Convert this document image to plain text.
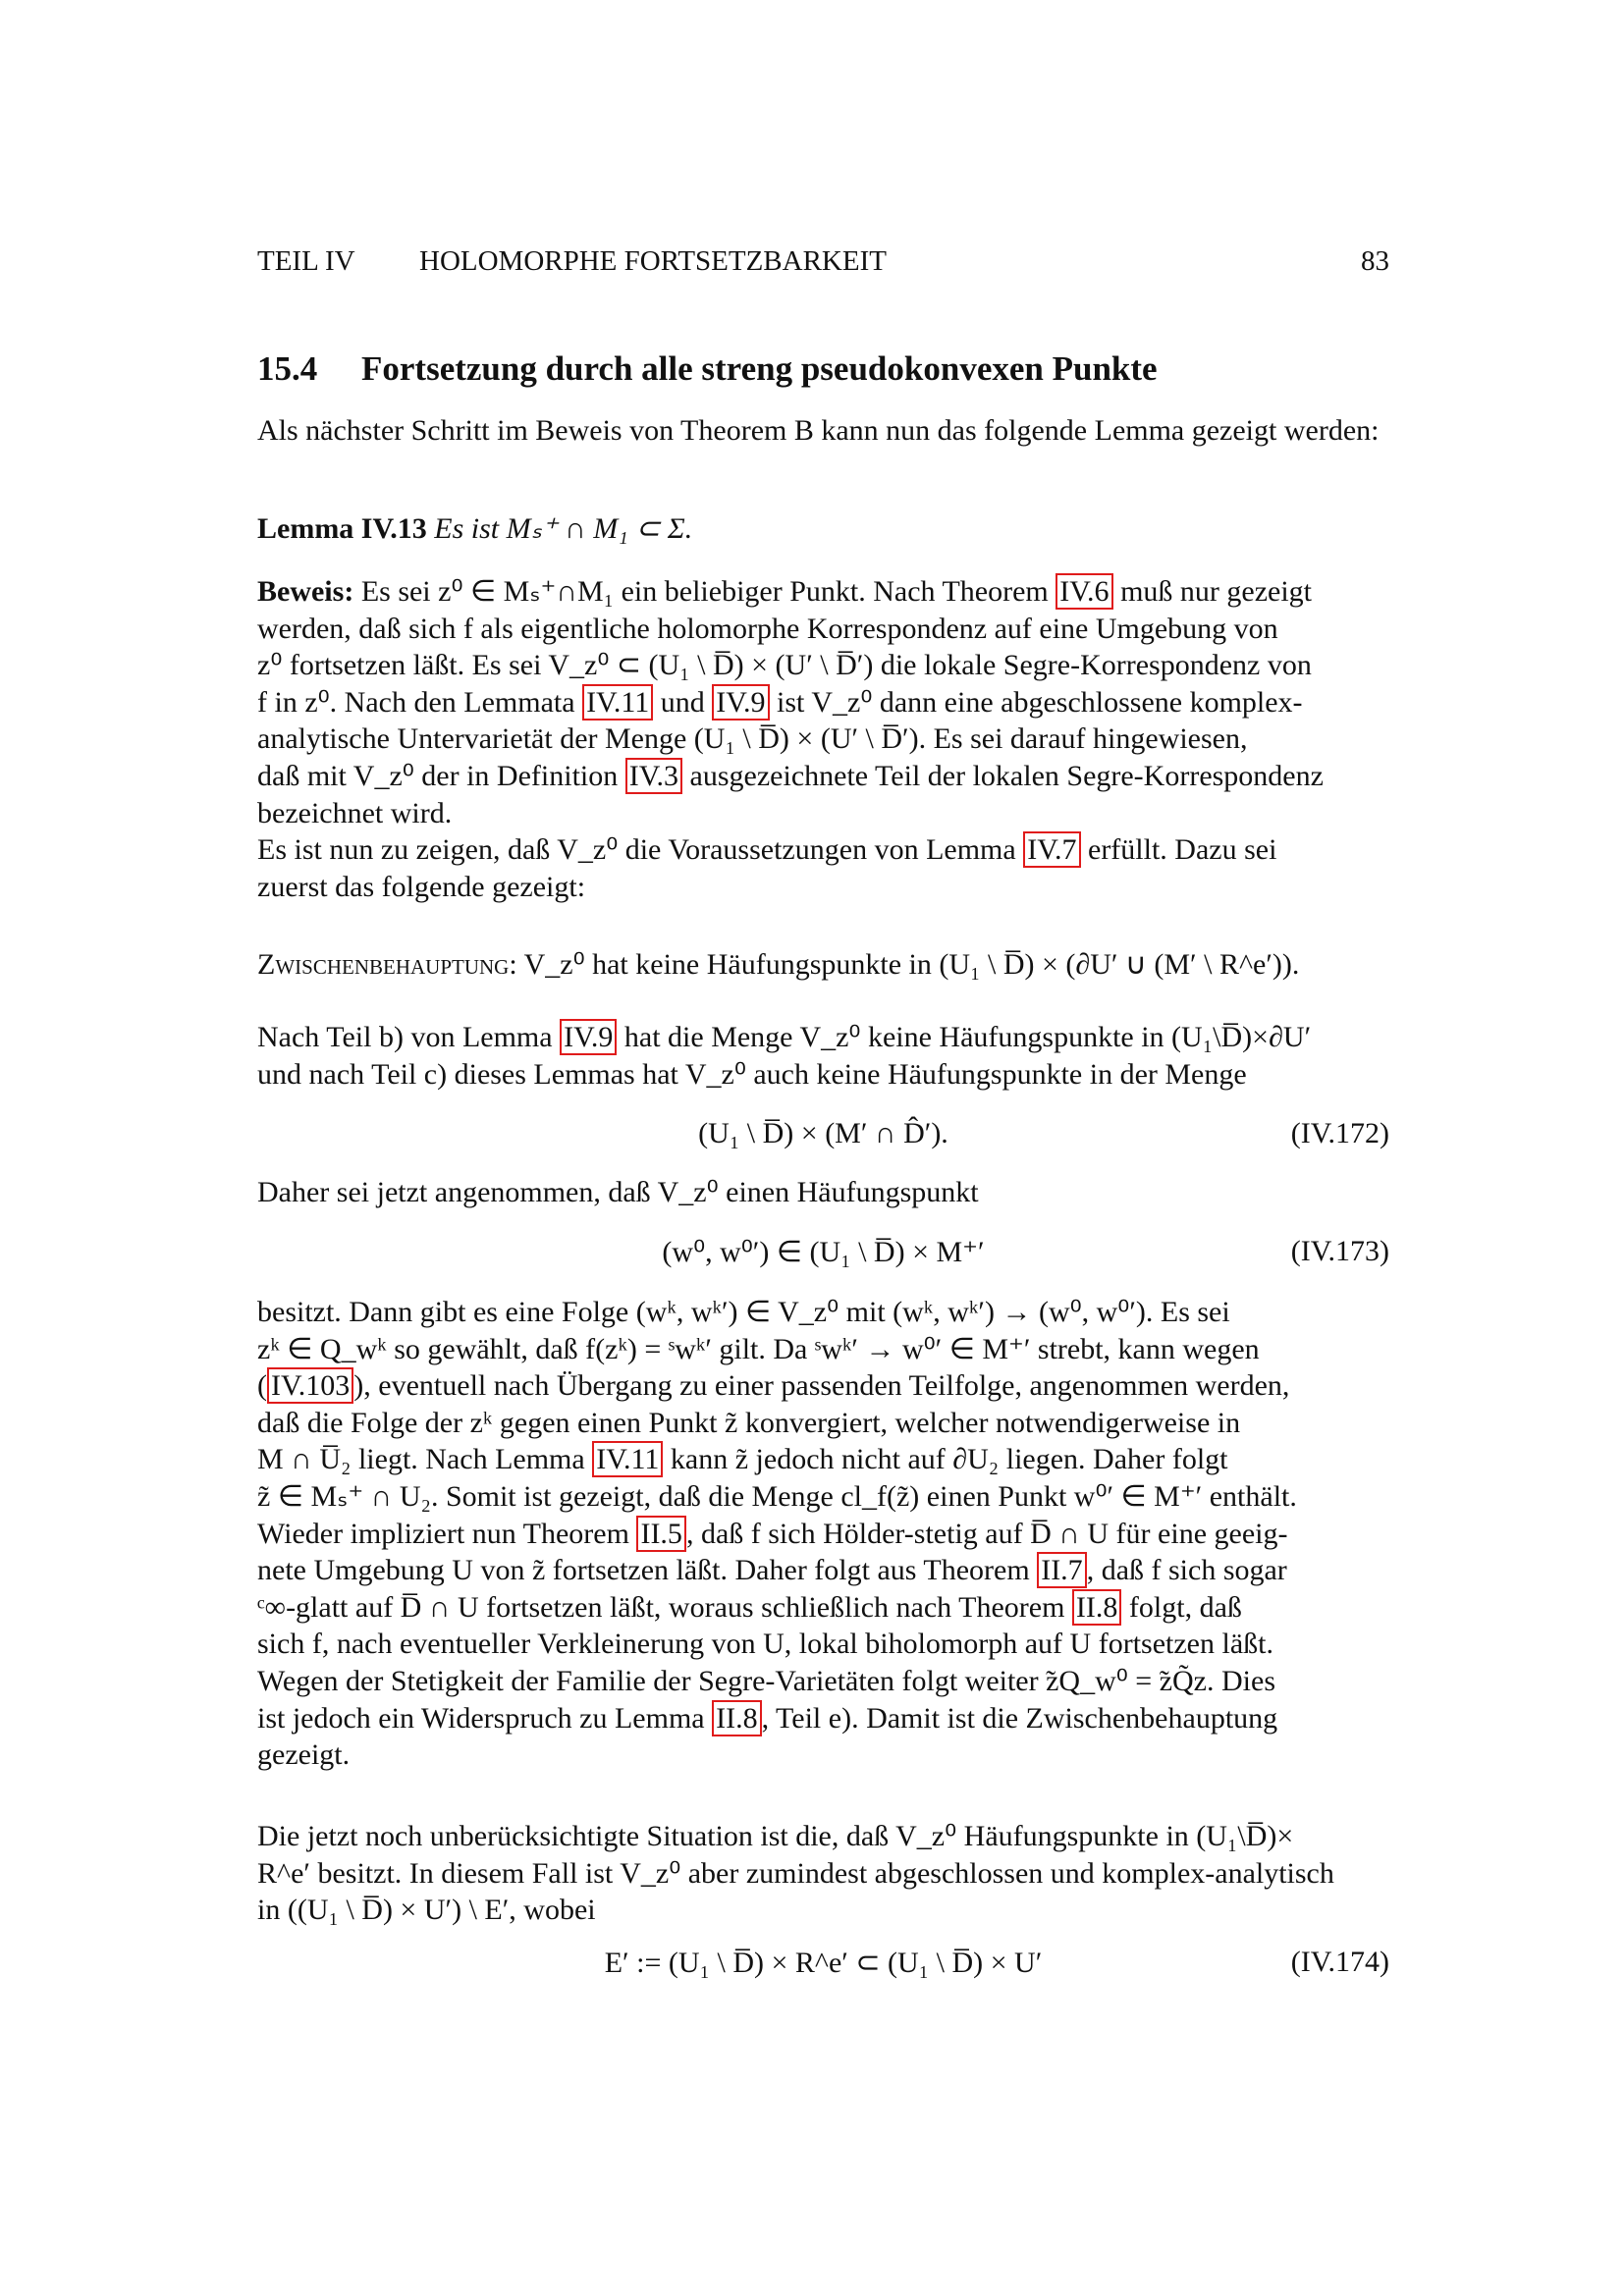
TEIL IV	HOLOMORPHE FORTSETZBARKEIT	83
15.4 Fortsetzung durch alle streng pseudokonvexen Punkte

Als nächster Schritt im Beweis von Theorem B kann nun das folgende Lemma gezeigt werden:

Lemma IV.13 Es ist Mₛ⁺ ∩ M₁ ⊂ Σ.
Beweis: Es sei z⁰ ∈ Mₛ⁺∩M₁ ein beliebiger Punkt. Nach Theorem IV.6 muß nur gezeigt
werden, daß sich f als eigentliche holomorphe Korrespondenz auf eine Umgebung von
z⁰ fortsetzen läßt. Es sei V_z⁰ ⊂ (U₁ \ D̅) × (U′ \ D̅′) die lokale Segre-Korrespondenz von
f in z⁰. Nach den Lemmata IV.11 und IV.9 ist V_z⁰ dann eine abgeschlossene komplex-
analytische Untervarietät der Menge (U₁ \ D̅) × (U′ \ D̅′). Es sei darauf hingewiesen,
daß mit V_z⁰ der in Definition IV.3 ausgezeichnete Teil der lokalen Segre-Korrespondenz
bezeichnet wird.
Es ist nun zu zeigen, daß V_z⁰ die Voraussetzungen von Lemma IV.7 erfüllt. Dazu sei
zuerst das folgende gezeigt:
Zwischenbehauptung: V_z⁰ hat keine Häufungspunkte in (U₁ \ D̅) × (∂U′ ∪ (M′ \ R^e′)).
Nach Teil b) von Lemma IV.9 hat die Menge V_z⁰ keine Häufungspunkte in (U₁\D̅)×∂U′
und nach Teil c) dieses Lemmas hat V_z⁰ auch keine Häufungspunkte in der Menge
(U₁ \ D̅) × (M′ ∩ D̂′).	(IV.172)

Daher sei jetzt angenommen, daß V_z⁰ einen Häufungspunkt

(w⁰, w⁰′) ∈ (U₁ \ D̅) × M⁺′	(IV.173)
besitzt. Dann gibt es eine Folge (wᵏ, wᵏ′) ∈ V_z⁰ mit (wᵏ, wᵏ′) → (w⁰, w⁰′). Es sei
zᵏ ∈ Q_wᵏ so gewählt, daß f(zᵏ) = ˢwᵏ′ gilt. Da ˢwᵏ′ → w⁰′ ∈ M⁺′ strebt, kann wegen
( IV.103 ), eventuell nach Übergang zu einer passenden Teilfolge, angenommen werden,
daß die Folge der zᵏ gegen einen Punkt z̃ konvergiert, welcher notwendigerweise in
M ∩ U̅₂ liegt. Nach Lemma IV.11 kann z̃ jedoch nicht auf ∂U₂ liegen. Daher folgt
z̃ ∈ Mₛ⁺ ∩ U₂. Somit ist gezeigt, daß die Menge cl_f(z̃) einen Punkt w⁰′ ∈ M⁺′ enthält.
Wieder impliziert nun Theorem II.5 , daß f sich Hölder-stetig auf D̅ ∩ U für eine geeig-
nete Umgebung U von z̃ fortsetzen läßt. Daher folgt aus Theorem II.7 , daß f sich sogar
ᶜ∞-glatt auf D̅ ∩ U fortsetzen läßt, woraus schließlich nach Theorem II.8 folgt, daß
sich f, nach eventueller Verkleinerung von U, lokal biholomorph auf U fortsetzen läßt.
Wegen der Stetigkeit der Familie der Segre-Varietäten folgt weiter ̃zQ_w⁰ = ̃zQ̃z. Dies
ist jedoch ein Widerspruch zu Lemma II.8 , Teil e). Damit ist die Zwischenbehauptung
gezeigt.
Die jetzt noch unberücksichtigte Situation ist die, daß V_z⁰ Häufungspunkte in (U₁\D̅)×
R^e′ besitzt. In diesem Fall ist V_z⁰ aber zumindest abgeschlossen und komplex-analytisch
in ((U₁ \ D̅) × U′) \ E′, wobei
E′ := (U₁ \ D̅) × R^e′ ⊂ (U₁ \ D̅) × U′	(IV.174)
